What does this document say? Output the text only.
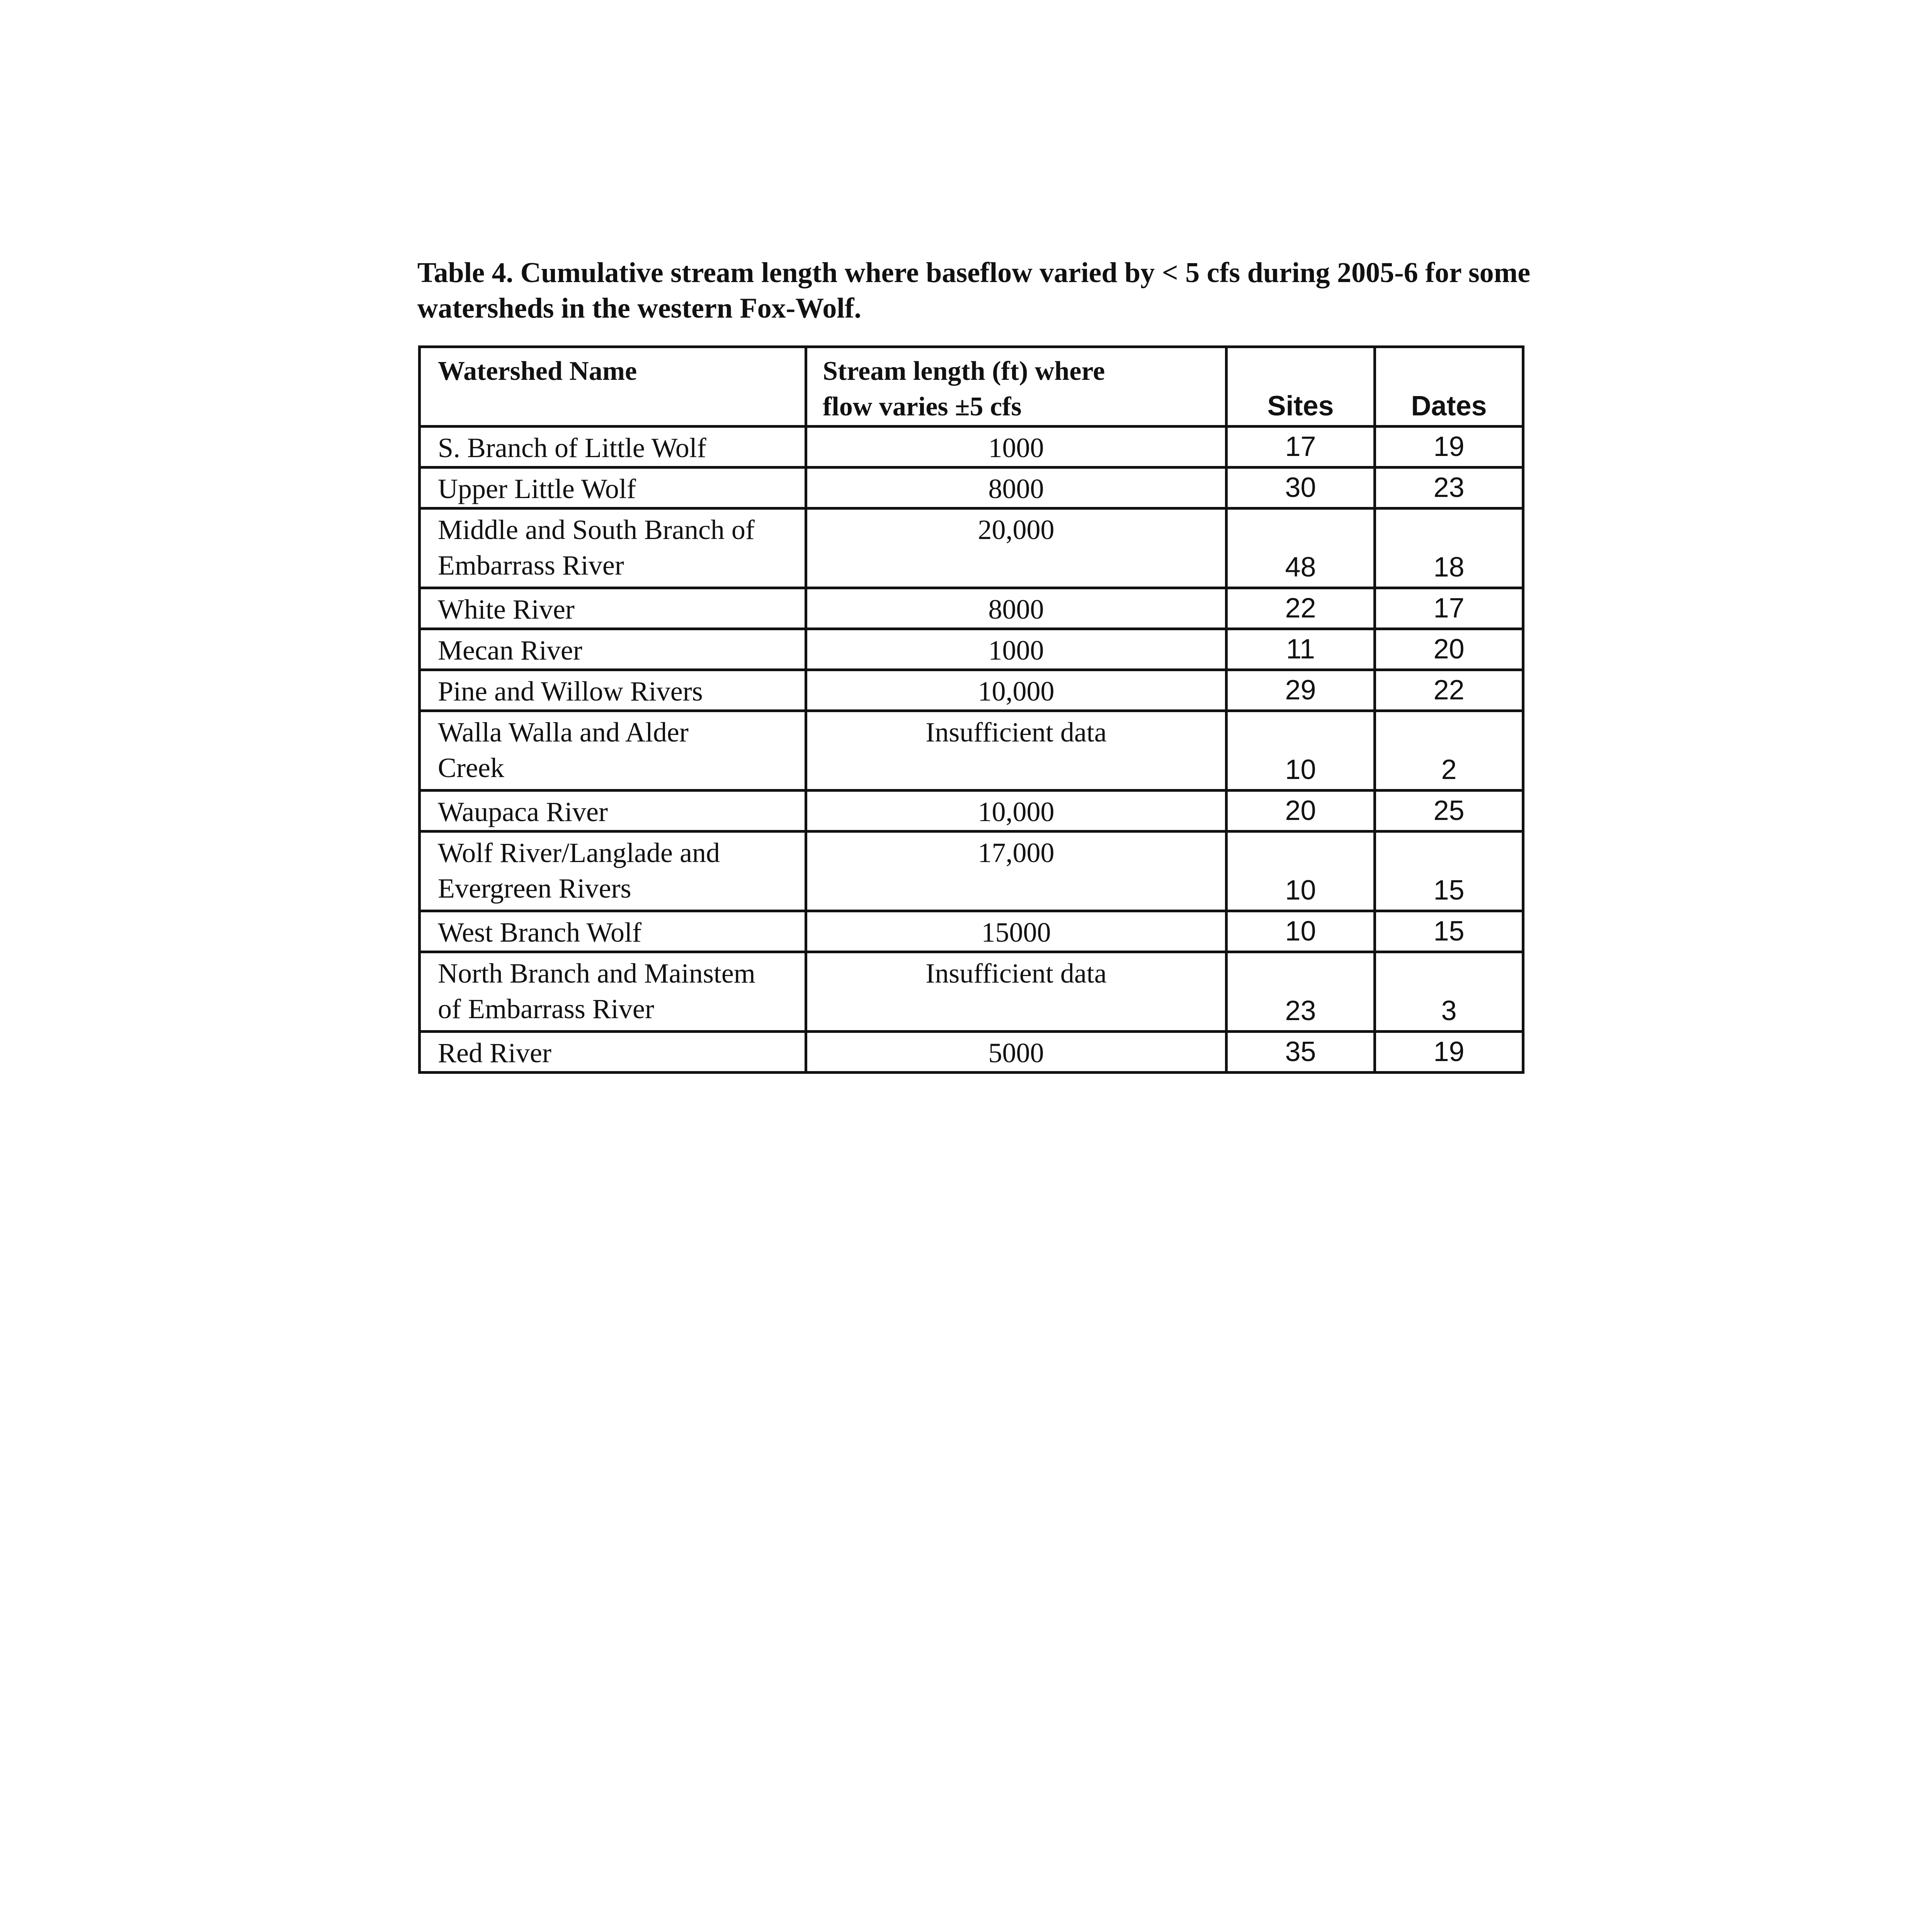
Table 4. Cumulative stream length where baseflow varied by < 5 cfs during 2005-6 for some
watersheds in the western Fox-Wolf.
Watershed Name	Stream length (ft) where
flow varies ±5 cfs	Sites	Dates

S. Branch of Little Wolf	1000	17	19

Upper Little Wolf	8000	30	23

Middle and South Branch of
Embarrass River	20,000	48	18

White River	8000	22	17

Mecan River	1000	11	20

Pine and Willow Rivers	10,000	29	22

Walla Walla and Alder
Creek	Insufficient data	10	2

Waupaca River	10,000	20	25

Wolf River/Langlade and
Evergreen Rivers	17,000	10	15

West Branch Wolf	15000	10	15

North Branch and Mainstem
of Embarrass River	Insufficient data	23	3

Red River	5000	35	19
